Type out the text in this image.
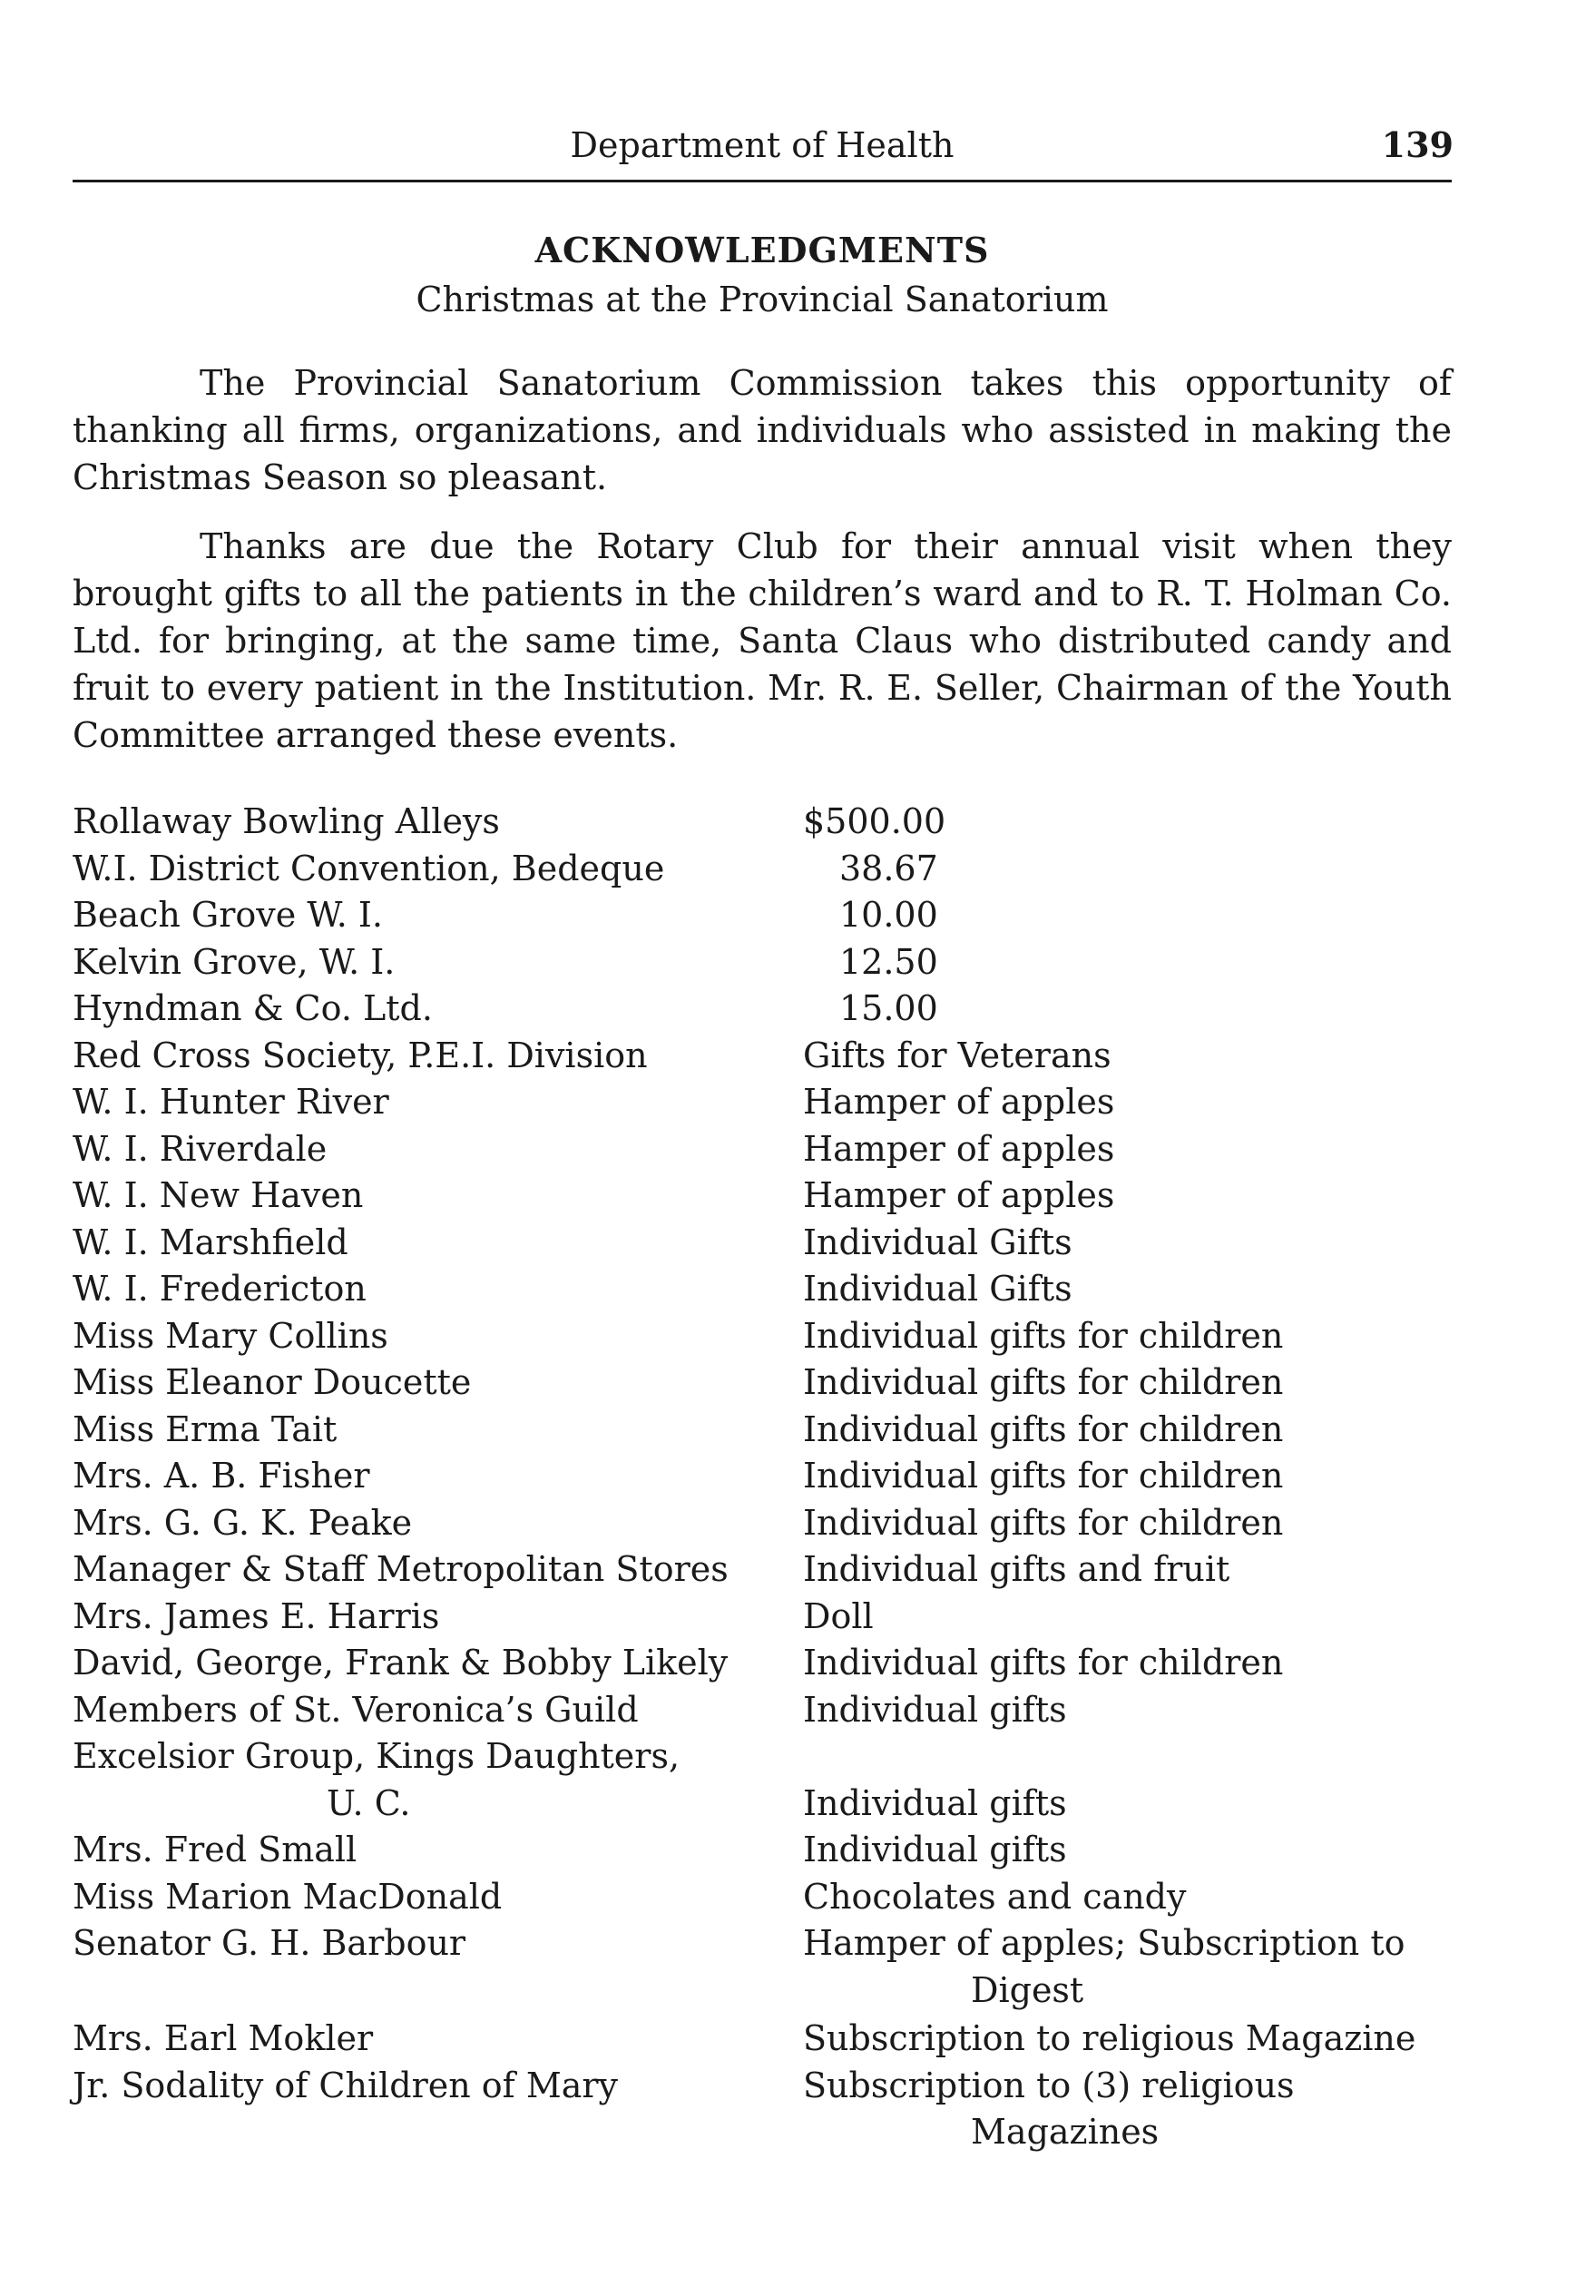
Department of Health	139
ACKNOWLEDGMENTS
Christmas at the Provincial Sanatorium

The Provincial Sanatorium Commission takes this opportunity of thanking all firms, organizations, and individuals who assisted in making the Christmas Season so pleasant.

Thanks are due the Rotary Club for their annual visit when they brought gifts to all the patients in the children’s ward and to R. T. Holman Co. Ltd. for bringing, at the same time, Santa Claus who distributed candy and fruit to every patient in the Institution. Mr. R. E. Seller, Chairman of the Youth Committee arranged these events.

Rollaway Bowling Alleys	$500.00
W.I. District Convention, Bedeque	38.67
Beach Grove W. I.	10.00
Kelvin Grove, W. I.	12.50
Hyndman & Co. Ltd.	15.00
Red Cross Society, P.E.I. Division	Gifts for Veterans
W. I. Hunter River	Hamper of apples
W. I. Riverdale	Hamper of apples
W. I. New Haven	Hamper of apples
W. I. Marshfield	Individual Gifts
W. I. Fredericton	Individual Gifts
Miss Mary Collins	Individual gifts for children
Miss Eleanor Doucette	Individual gifts for children
Miss Erma Tait	Individual gifts for children
Mrs. A. B. Fisher	Individual gifts for children
Mrs. G. G. K. Peake	Individual gifts for children
Manager & Staff Metropolitan Stores	Individual gifts and fruit
Mrs. James E. Harris	Doll
David, George, Frank & Bobby Likely	Individual gifts for children
Members of St. Veronica’s Guild	Individual gifts
Excelsior Group, Kings Daughters,
U. C.	Individual gifts
Mrs. Fred Small	Individual gifts
Miss Marion MacDonald	Chocolates and candy
Senator G. H. Barbour	Hamper of apples; Subscription to
Digest
Mrs. Earl Mokler	Subscription to religious Magazine
Jr. Sodality of Children of Mary	Subscription to (3) religious
Magazines
